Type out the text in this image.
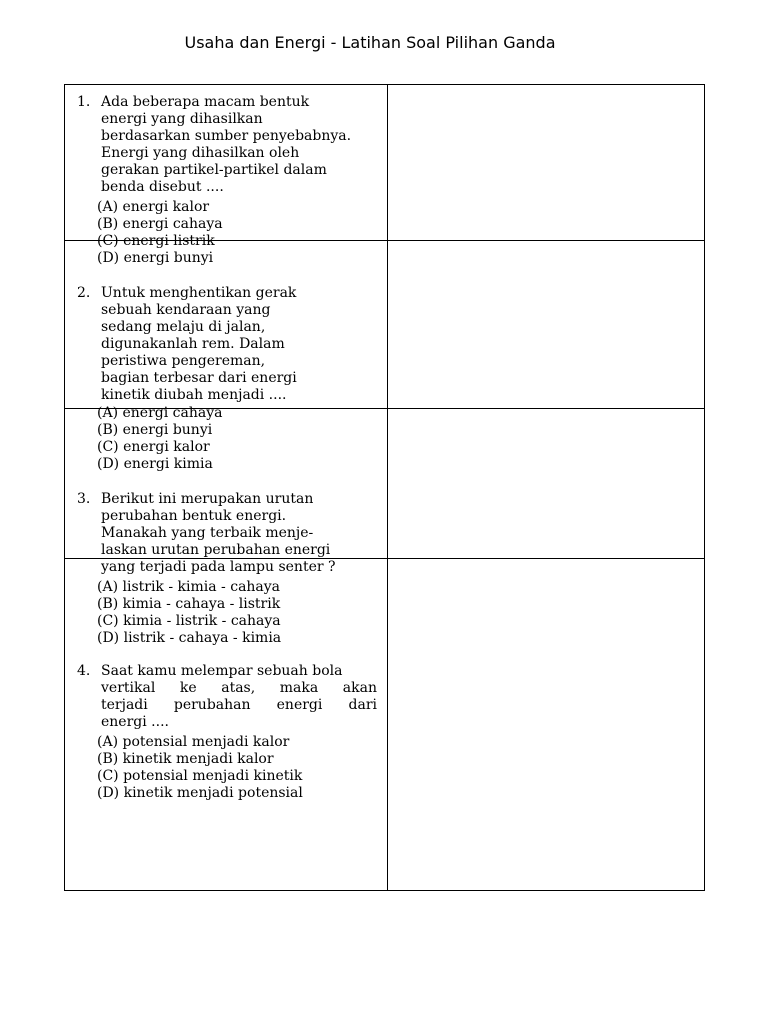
Usaha dan Energi - Latihan Soal Pilihan Ganda
1. Ada beberapa macam bentuk
energi yang dihasilkan
berdasarkan sumber penyebabnya.
Energi yang dihasilkan oleh
gerakan partikel-partikel dalam
benda disebut ....
(A) energi kalor
(B) energi cahaya
(C) energi listrik
(D) energi bunyi
2. Untuk menghentikan gerak
sebuah kendaraan yang
sedang melaju di jalan,
digunakanlah rem. Dalam
peristiwa pengereman,
bagian terbesar dari energi
kinetik diubah menjadi ....
(A) energi cahaya
(B) energi bunyi
(C) energi kalor
(D) energi kimia
3. Berikut ini merupakan urutan
perubahan bentuk energi.
Manakah yang terbaik menje-
laskan urutan perubahan energi
yang terjadi pada lampu senter ?
(A) listrik - kimia - cahaya
(B) kimia - cahaya - listrik
(C) kimia - listrik - cahaya
(D) listrik - cahaya - kimia
4. Saat kamu melempar sebuah bola
vertikal ke atas, maka akan
terjadi perubahan energi dari
energi ....
(A) potensial menjadi kalor
(B) kinetik menjadi kalor
(C) potensial menjadi kinetik
(D) kinetik menjadi potensial
